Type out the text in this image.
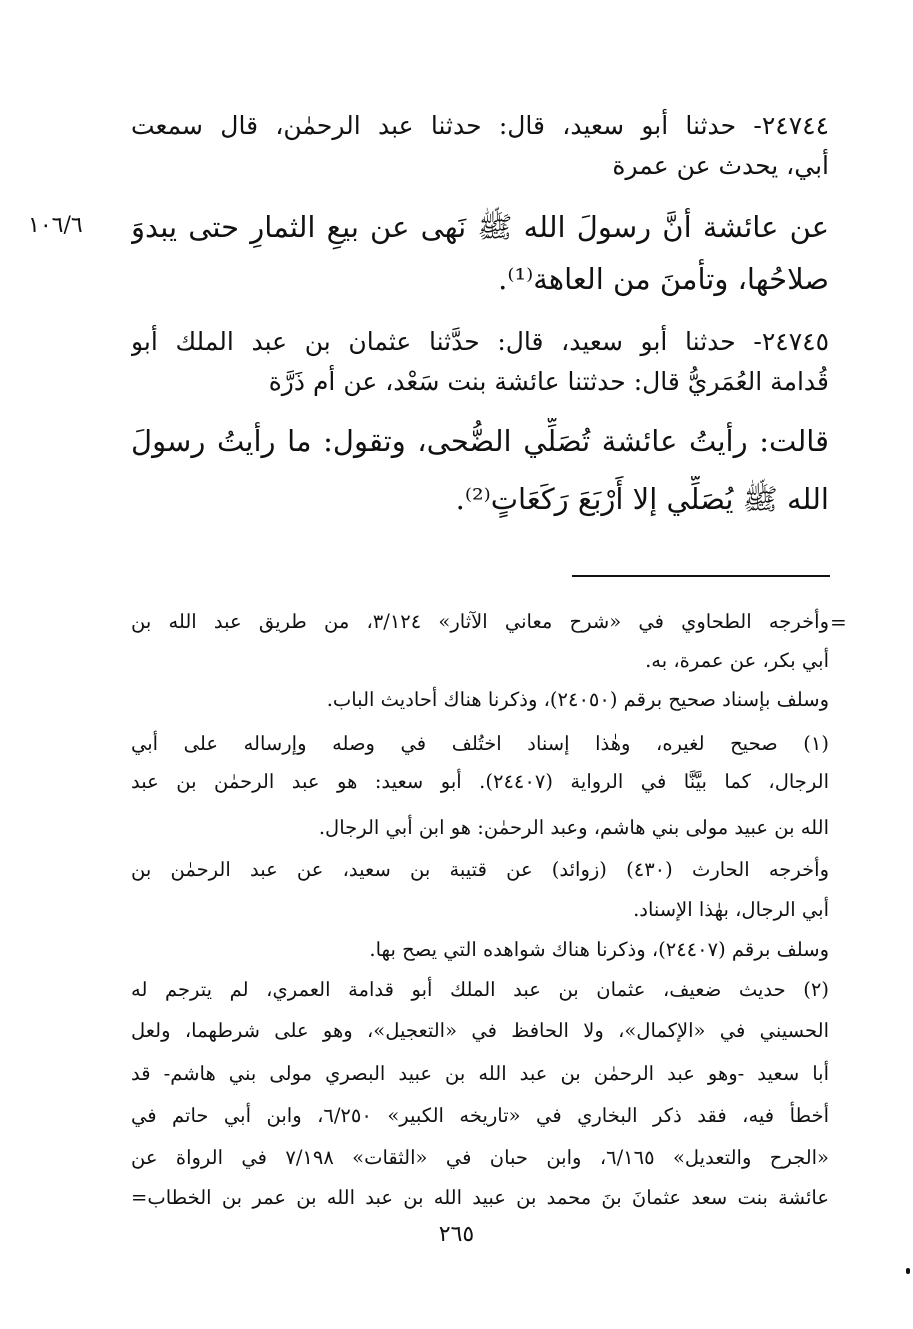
٢٤٧٤٤- حدثنا أبو سعيد، قال: حدثنا عبد الرحمٰن، قال سمعت
أبي، يحدث عن عمرة
عن عائشة أنَّ رسولَ الله ﷺ نَهى عن بيعِ الثمارِ حتى يبدوَ
صلاحُها، وتأمنَ من العاهة⁽¹⁾.
١٠٦/٦
٢٤٧٤٥- حدثنا أبو سعيد، قال: حدَّثنا عثمان بن عبد الملك أبو
قُدامة العُمَريُّ قال: حدثتنا عائشة بنت سَعْد، عن أم ذَرَّة
قالت: رأيتُ عائشة تُصَلِّي الضُّحى، وتقول: ما رأيتُ رسولَ
الله ﷺ يُصَلِّي إلا أَرْبَعَ رَكَعَاتٍ⁽²⁾.
=
وأخرجه الطحاوي في «شرح معاني الآثار» ٣/١٢٤، من طريق عبد الله بن
أبي بكر، عن عمرة، به.
وسلف بإسناد صحيح برقم (٢٤٠٥٠)، وذكرنا هناك أحاديث الباب.
(١) صحيح لغيره، وهٰذا إسناد اختُلف في وصله وإرساله على أبي
الرجال، كما بيَّنَّا في الرواية (٢٤٤٠٧). أبو سعيد: هو عبد الرحمٰن بن عبد
الله بن عبيد مولى بني هاشم، وعبد الرحمٰن: هو ابن أبي الرجال.
وأخرجه الحارث (٤٣٠) (زوائد) عن قتيبة بن سعيد، عن عبد الرحمٰن بن
أبي الرجال، بهٰذا الإسناد.
وسلف برقم (٢٤٤٠٧)، وذكرنا هناك شواهده التي يصح بها.
(٢) حديث ضعيف، عثمان بن عبد الملك أبو قدامة العمري، لم يترجم له
الحسيني في «الإكمال»، ولا الحافظ في «التعجيل»، وهو على شرطهما، ولعل
أبا سعيد -وهو عبد الرحمٰن بن عبد الله بن عبيد البصري مولى بني هاشم- قد
أخطأ فيه، فقد ذكر البخاري في «تاريخه الكبير» ٦/٢٥٠، وابن أبي حاتم في
«الجرح والتعديل» ٦/١٦٥، وابن حبان في «الثقات» ٧/١٩٨ في الرواة عن
عائشة بنت سعد عثمانَ بنَ محمد بن عبيد الله بن عبد الله بن عمر بن الخطاب=
٢٦٥
